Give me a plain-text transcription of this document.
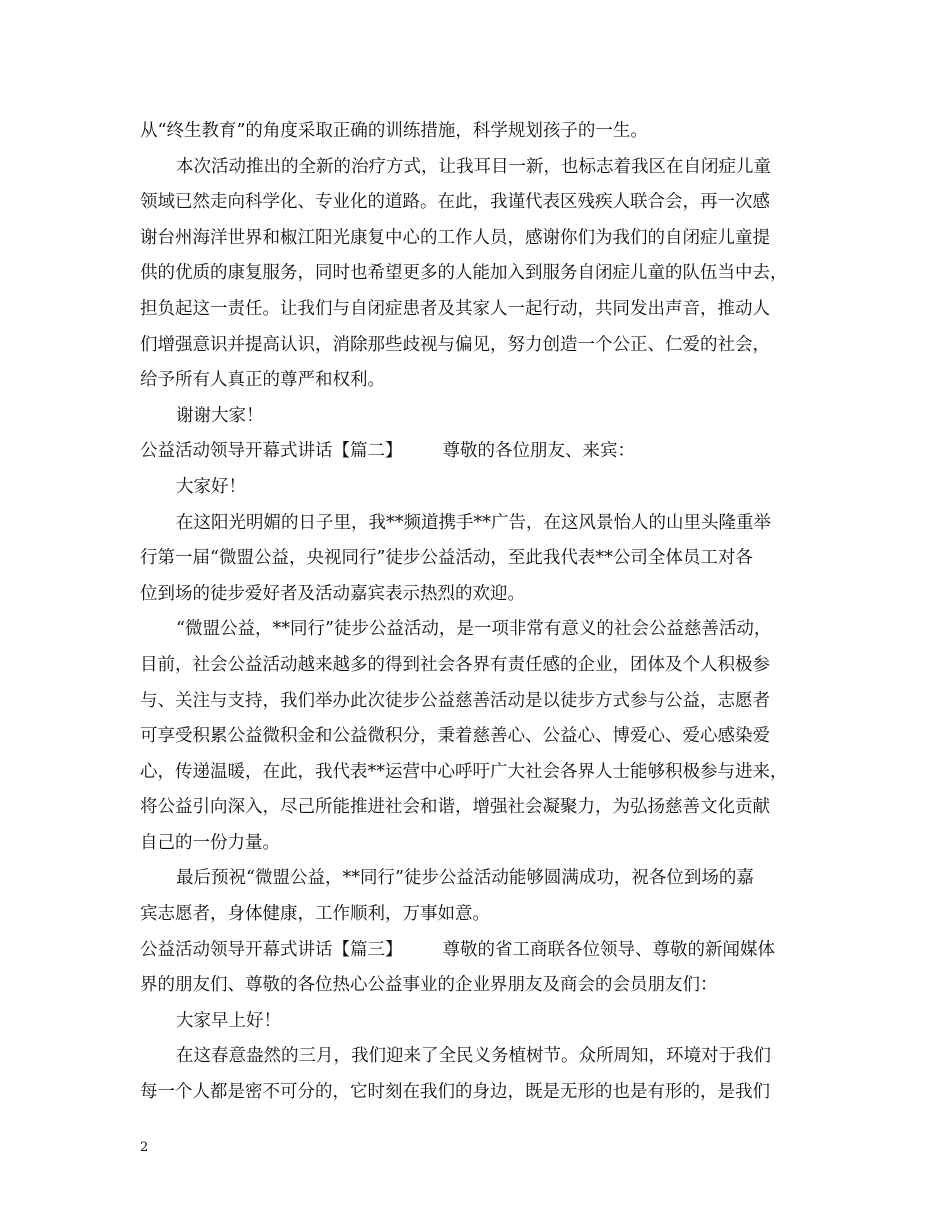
从“终生教育”的角度采取正确的训练措施，科学规划孩子的一生。
本次活动推出的全新的治疗方式，让我耳目一新，也标志着我区在自闭症儿童
领域已然走向科学化、专业化的道路。在此，我谨代表区残疾人联合会，再一次感
谢台州海洋世界和椒江阳光康复中心的工作人员，感谢你们为我们的自闭症儿童提
供的优质的康复服务，同时也希望更多的人能加入到服务自闭症儿童的队伍当中去，
担负起这一责任。让我们与自闭症患者及其家人一起行动，共同发出声音，推动人
们增强意识并提高认识，消除那些歧视与偏见，努力创造一个公正、仁爱的社会，
给予所有人真正的尊严和权利。
谢谢大家！
公益活动领导开幕式讲话【篇二】 尊敬的各位朋友、来宾：
大家好！
在这阳光明媚的日子里，我**频道携手**广告，在这风景怡人的山里头隆重举
行第一届“微盟公益，央视同行”徒步公益活动，至此我代表**公司全体员工对各
位到场的徒步爱好者及活动嘉宾表示热烈的欢迎。
“微盟公益，**同行”徒步公益活动，是一项非常有意义的社会公益慈善活动，
目前，社会公益活动越来越多的得到社会各界有责任感的企业，团体及个人积极参
与、关注与支持，我们举办此次徒步公益慈善活动是以徒步方式参与公益，志愿者
可享受积累公益微积金和公益微积分，秉着慈善心、公益心、博爱心、爱心感染爱
心，传递温暖，在此，我代表**运营中心呼吁广大社会各界人士能够积极参与进来，
将公益引向深入，尽己所能推进社会和谐，增强社会凝聚力，为弘扬慈善文化贡献
自己的一份力量。
最后预祝“微盟公益，**同行”徒步公益活动能够圆满成功，祝各位到场的嘉
宾志愿者，身体健康，工作顺利，万事如意。
公益活动领导开幕式讲话【篇三】 尊敬的省工商联各位领导、尊敬的新闻媒体
界的朋友们、尊敬的各位热心公益事业的企业界朋友及商会的会员朋友们：
大家早上好！
在这春意盎然的三月，我们迎来了全民义务植树节。众所周知，环境对于我们
每一个人都是密不可分的，它时刻在我们的身边，既是无形的也是有形的，是我们
2
